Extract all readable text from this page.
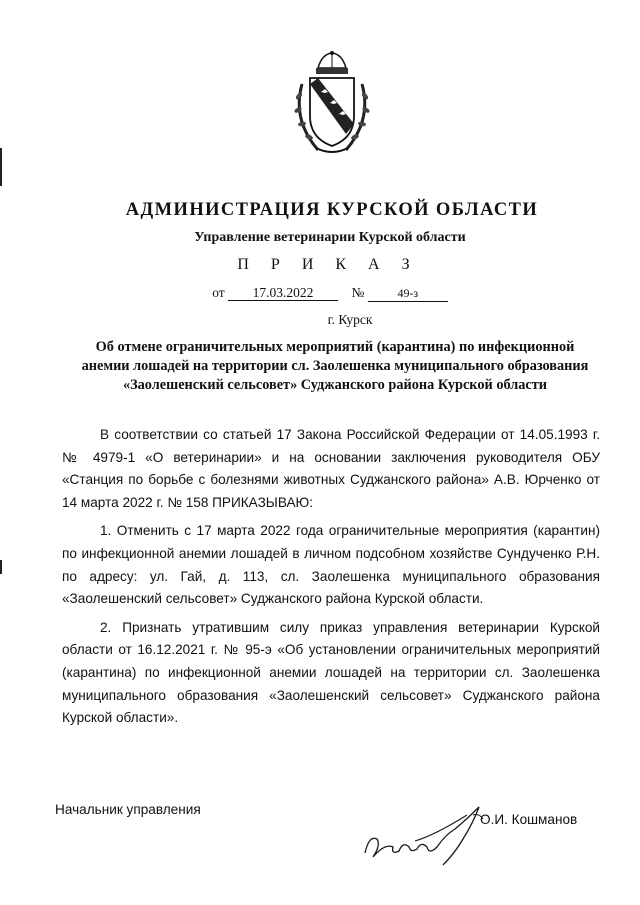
АДМИНИСТРАЦИЯ КУРСКОЙ ОБЛАСТИ
Управление ветеринарии Курской области
П Р И К А З
от 17.03.2022	№	49-з
г. Курск
Об отмене ограничительных мероприятий (карантина) по инфекционной анемии лошадей на территории сл. Заолешенка муниципального образования «Заолешенский сельсовет» Суджанского района Курской области

В соответствии со статьей 17 Закона Российской Федерации от 14.05.1993 г. № 4979-1 «О ветеринарии» и на основании заключения руководителя ОБУ «Станция по борьбе с болезнями животных Суджанского района» А.В. Юрченко от 14 марта 2022 г. № 158 ПРИКАЗЫВАЮ:

1. Отменить с 17 марта 2022 года ограничительные мероприятия (карантин) по инфекционной анемии лошадей в личном подсобном хозяйстве Сундученко Р.Н. по адресу: ул. Гай, д. 113, сл. Заолешенка муниципального образования «Заолешенский сельсовет» Суджанского района Курской области.

2. Признать утратившим силу приказ управления ветеринарии Курской области от 16.12.2021 г. № 95-э «Об установлении ограничительных мероприятий (карантина) по инфекционной анемии лошадей на территории сл. Заолешенка муниципального образования «Заолешенский сельсовет» Суджанского района Курской области».

Начальник управления
О.И. Кошманов
